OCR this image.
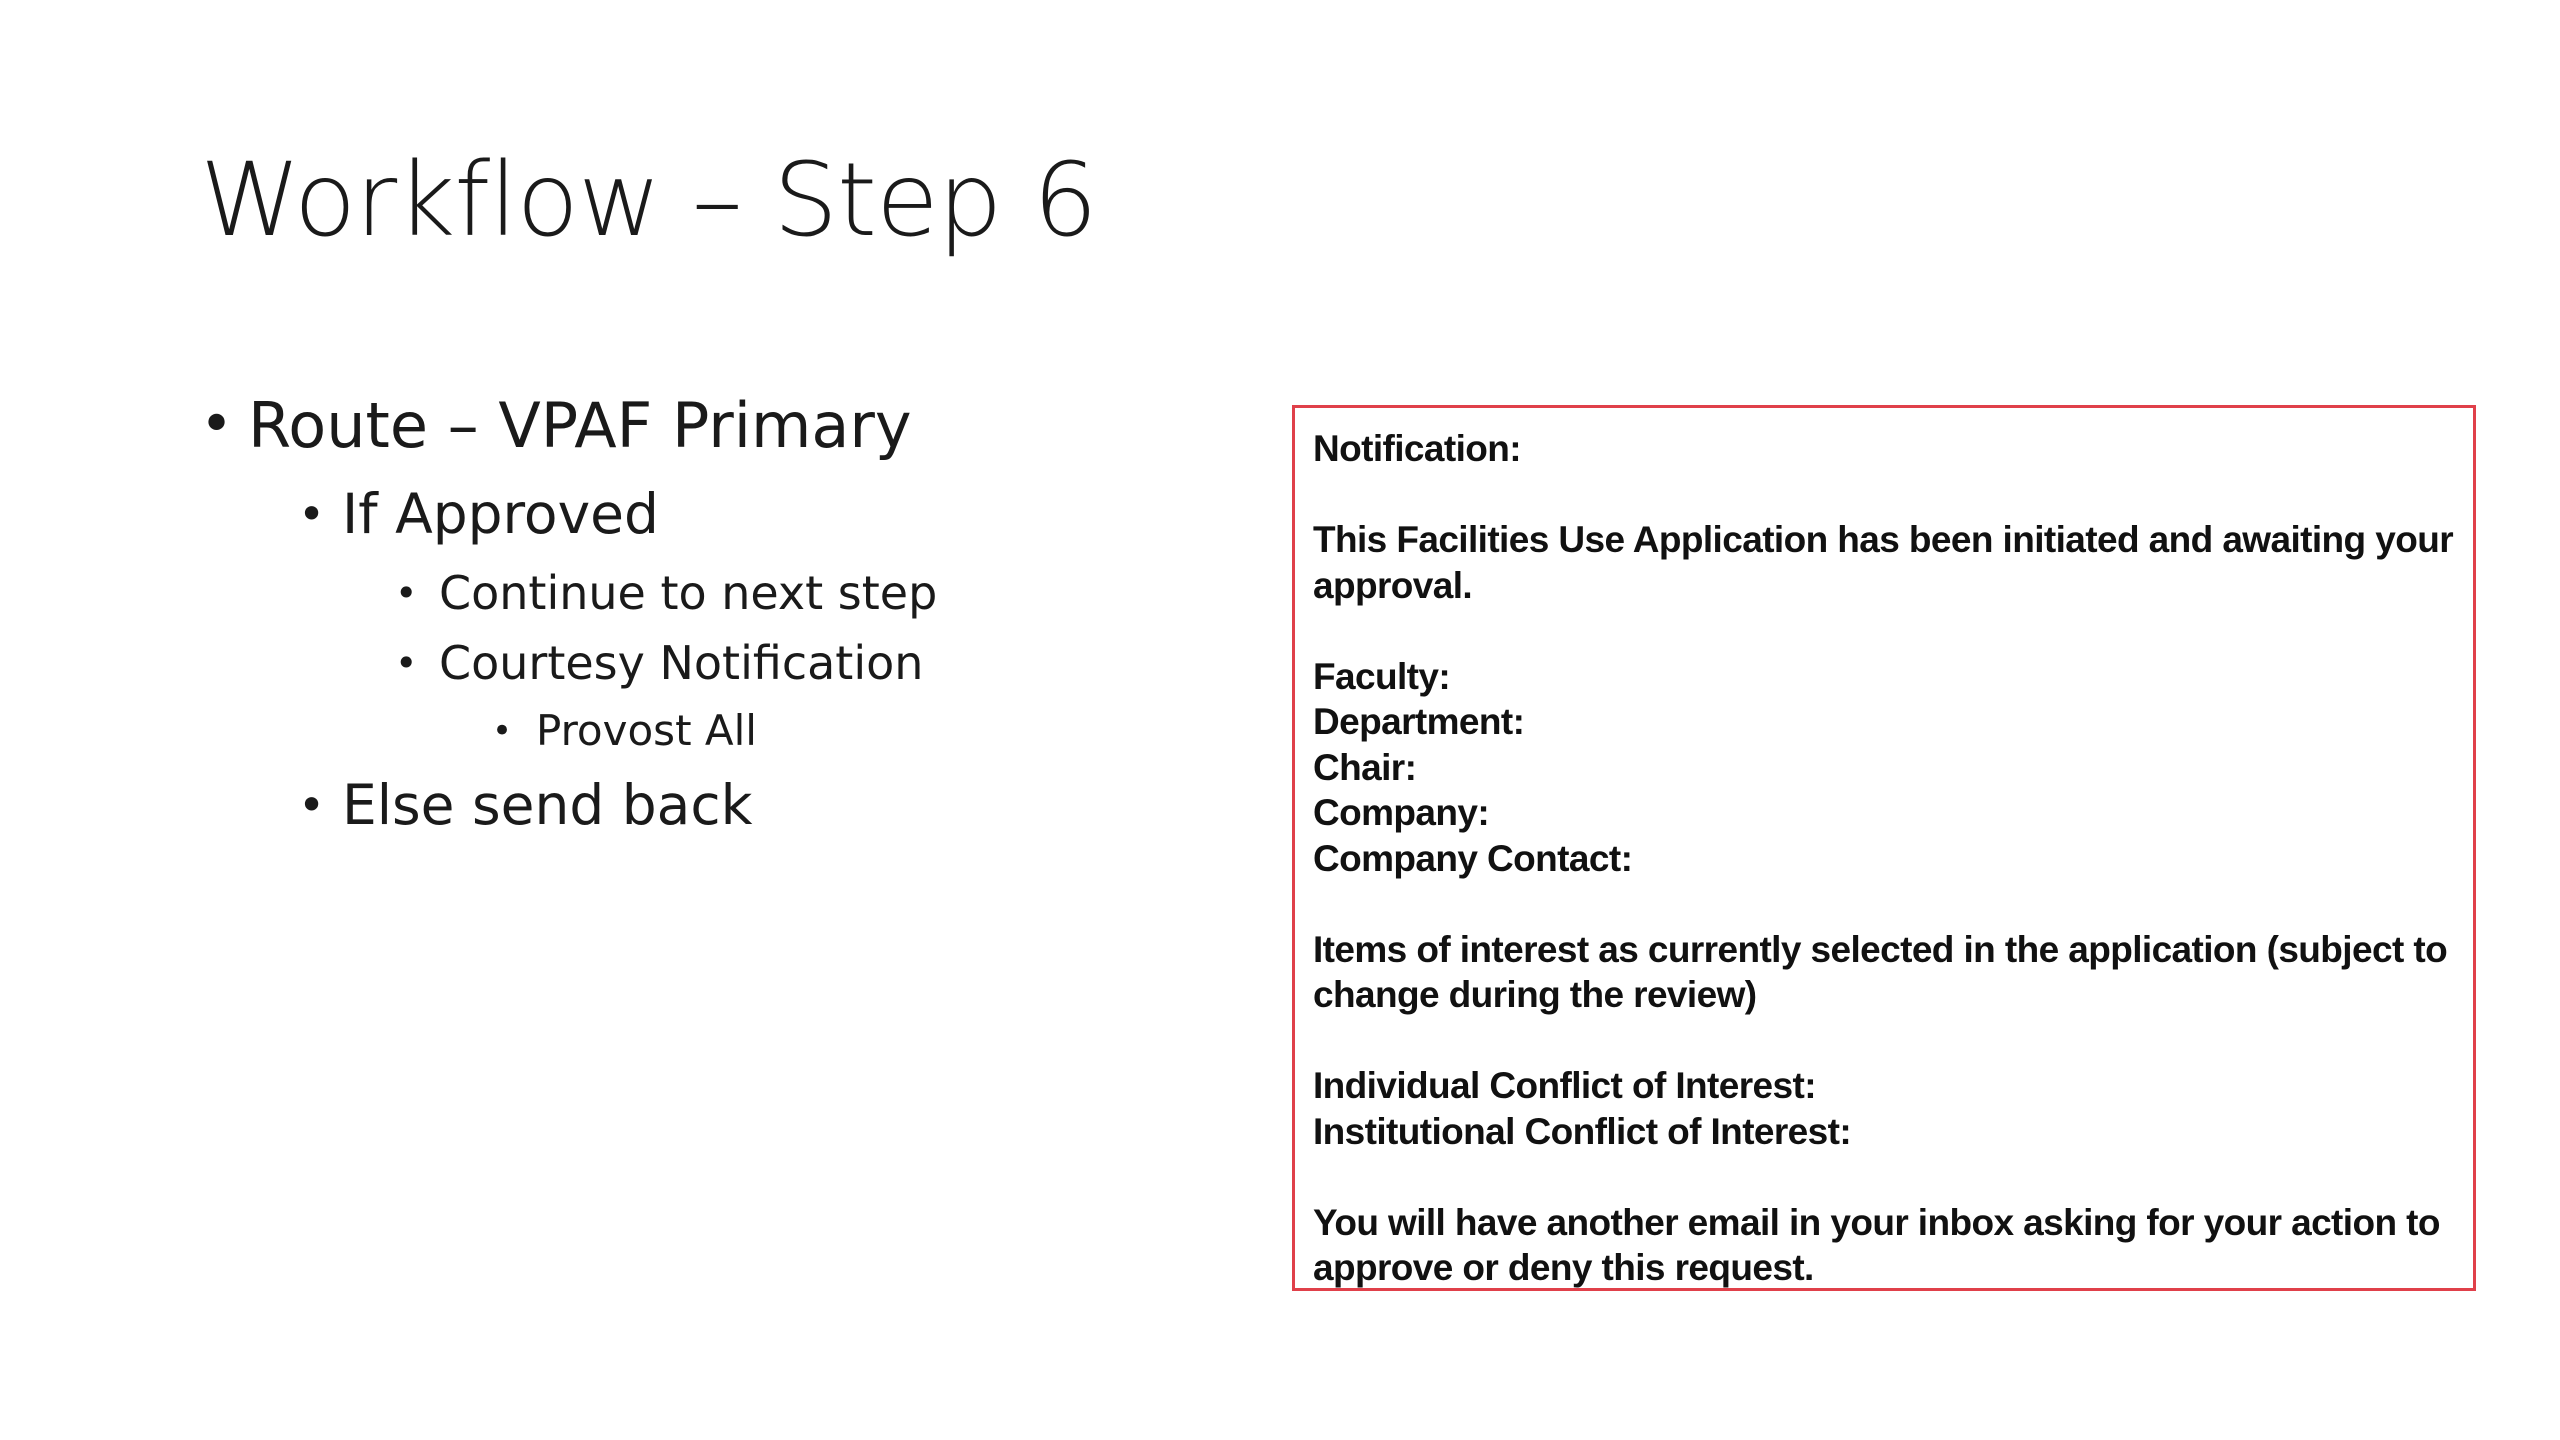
Workflow – Step 6
• Route – VPAF Primary
• If Approved
• Continue to next step
• Courtesy Notification
• Provost All
• Else send back

Notification:

This Facilities Use Application has been initiated and awaiting your

approval.

Faculty:

Department:

Chair:

Company:

Company Contact:

Items of interest as currently selected in the application (subject to

change during the review)

Individual Conflict of Interest:

Institutional Conflict of Interest:

You will have another email in your inbox asking for your action to

approve or deny this request.
